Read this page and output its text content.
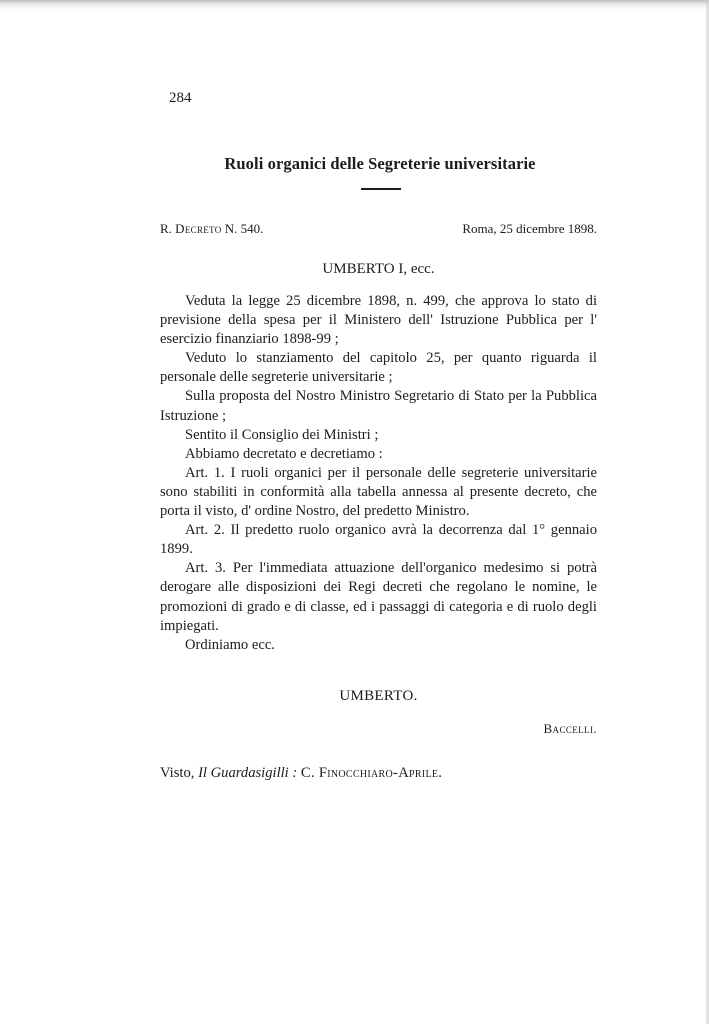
284
Ruoli organici delle Segreterie universitarie
R. Decreto N. 540.	Roma, 25 dicembre 1898.
UMBERTO I, ecc.

Veduta la legge 25 dicembre 1898, n. 499, che approva lo stato di previsione della spesa per il Ministero dell' Istruzione Pubblica per l' esercizio finanziario 1898-99 ;

Veduto lo stanziamento del capitolo 25, per quanto riguarda il personale delle segreterie universitarie ;

Sulla proposta del Nostro Ministro Segretario di Stato per la Pubblica Istruzione ;

Sentito il Consiglio dei Ministri ;

Abbiamo decretato e decretiamo :

Art. 1. I ruoli organici per il personale delle segreterie universitarie sono stabiliti in conformità alla tabella annessa al presente decreto, che porta il visto, d' ordine Nostro, del predetto Ministro.

Art. 2. Il predetto ruolo organico avrà la decorrenza dal 1° gennaio 1899.

Art. 3. Per l'immediata attuazione dell'organico medesimo si potrà derogare alle disposizioni dei Regi decreti che regolano le nomine, le promozioni di grado e di classe, ed i passaggi di categoria e di ruolo degli impiegati.

Ordiniamo ecc.

UMBERTO.
Baccelli.
Visto, Il Guardasigilli : C. Finocchiaro-Aprile.
